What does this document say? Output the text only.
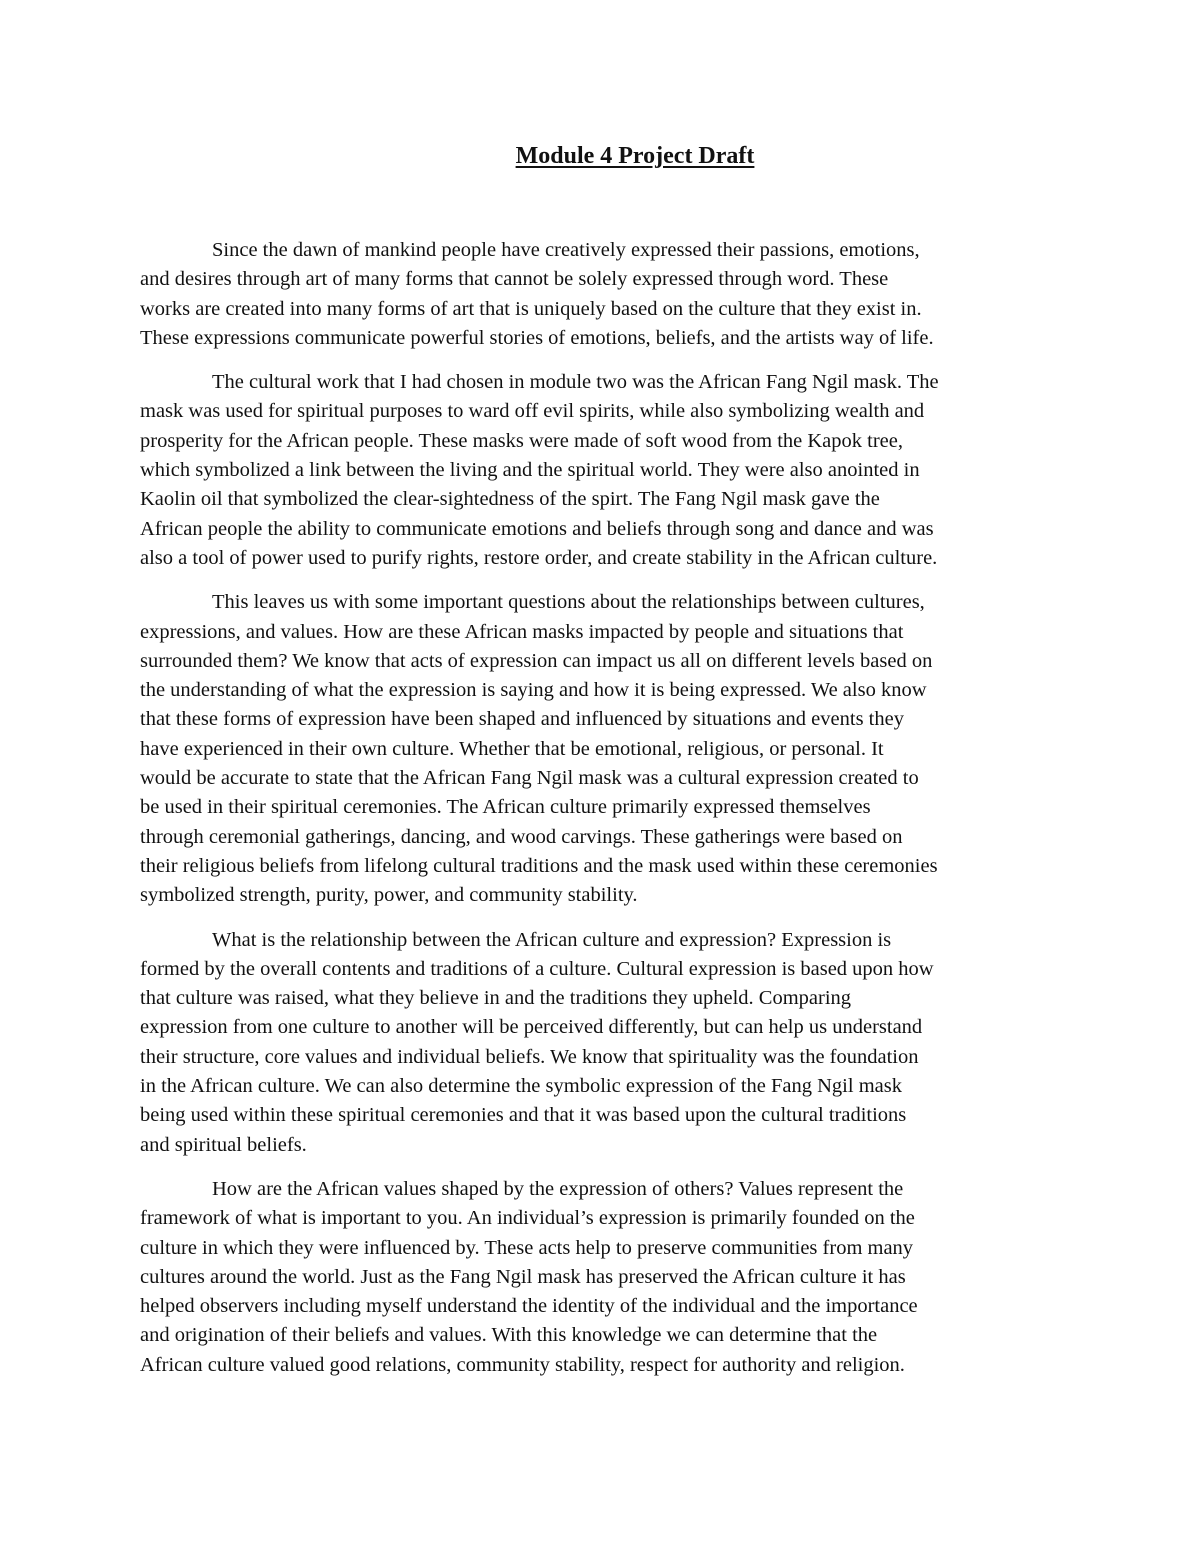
Module 4 Project Draft

Since the dawn of mankind people have creatively expressed their passions, emotions,
and desires through art of many forms that cannot be solely expressed through word. These
works are created into many forms of art that is uniquely based on the culture that they exist in.
These expressions communicate powerful stories of emotions, beliefs, and the artists way of life.

The cultural work that I had chosen in module two was the African Fang Ngil mask. The
mask was used for spiritual purposes to ward off evil spirits, while also symbolizing wealth and
prosperity for the African people. These masks were made of soft wood from the Kapok tree,
which symbolized a link between the living and the spiritual world. They were also anointed in
Kaolin oil that symbolized the clear-sightedness of the spirt. The Fang Ngil mask gave the
African people the ability to communicate emotions and beliefs through song and dance and was
also a tool of power used to purify rights, restore order, and create stability in the African culture.

This leaves us with some important questions about the relationships between cultures,
expressions, and values. How are these African masks impacted by people and situations that
surrounded them? We know that acts of expression can impact us all on different levels based on
the understanding of what the expression is saying and how it is being expressed. We also know
that these forms of expression have been shaped and influenced by situations and events they
have experienced in their own culture. Whether that be emotional, religious, or personal. It
would be accurate to state that the African Fang Ngil mask was a cultural expression created to
be used in their spiritual ceremonies. The African culture primarily expressed themselves
through ceremonial gatherings, dancing, and wood carvings. These gatherings were based on
their religious beliefs from lifelong cultural traditions and the mask used within these ceremonies
symbolized strength, purity, power, and community stability.

What is the relationship between the African culture and expression? Expression is
formed by the overall contents and traditions of a culture. Cultural expression is based upon how
that culture was raised, what they believe in and the traditions they upheld. Comparing
expression from one culture to another will be perceived differently, but can help us understand
their structure, core values and individual beliefs. We know that spirituality was the foundation
in the African culture. We can also determine the symbolic expression of the Fang Ngil mask
being used within these spiritual ceremonies and that it was based upon the cultural traditions
and spiritual beliefs.

How are the African values shaped by the expression of others? Values represent the
framework of what is important to you. An individual’s expression is primarily founded on the
culture in which they were influenced by. These acts help to preserve communities from many
cultures around the world. Just as the Fang Ngil mask has preserved the African culture it has
helped observers including myself understand the identity of the individual and the importance
and origination of their beliefs and values. With this knowledge we can determine that the
African culture valued good relations, community stability, respect for authority and religion.
